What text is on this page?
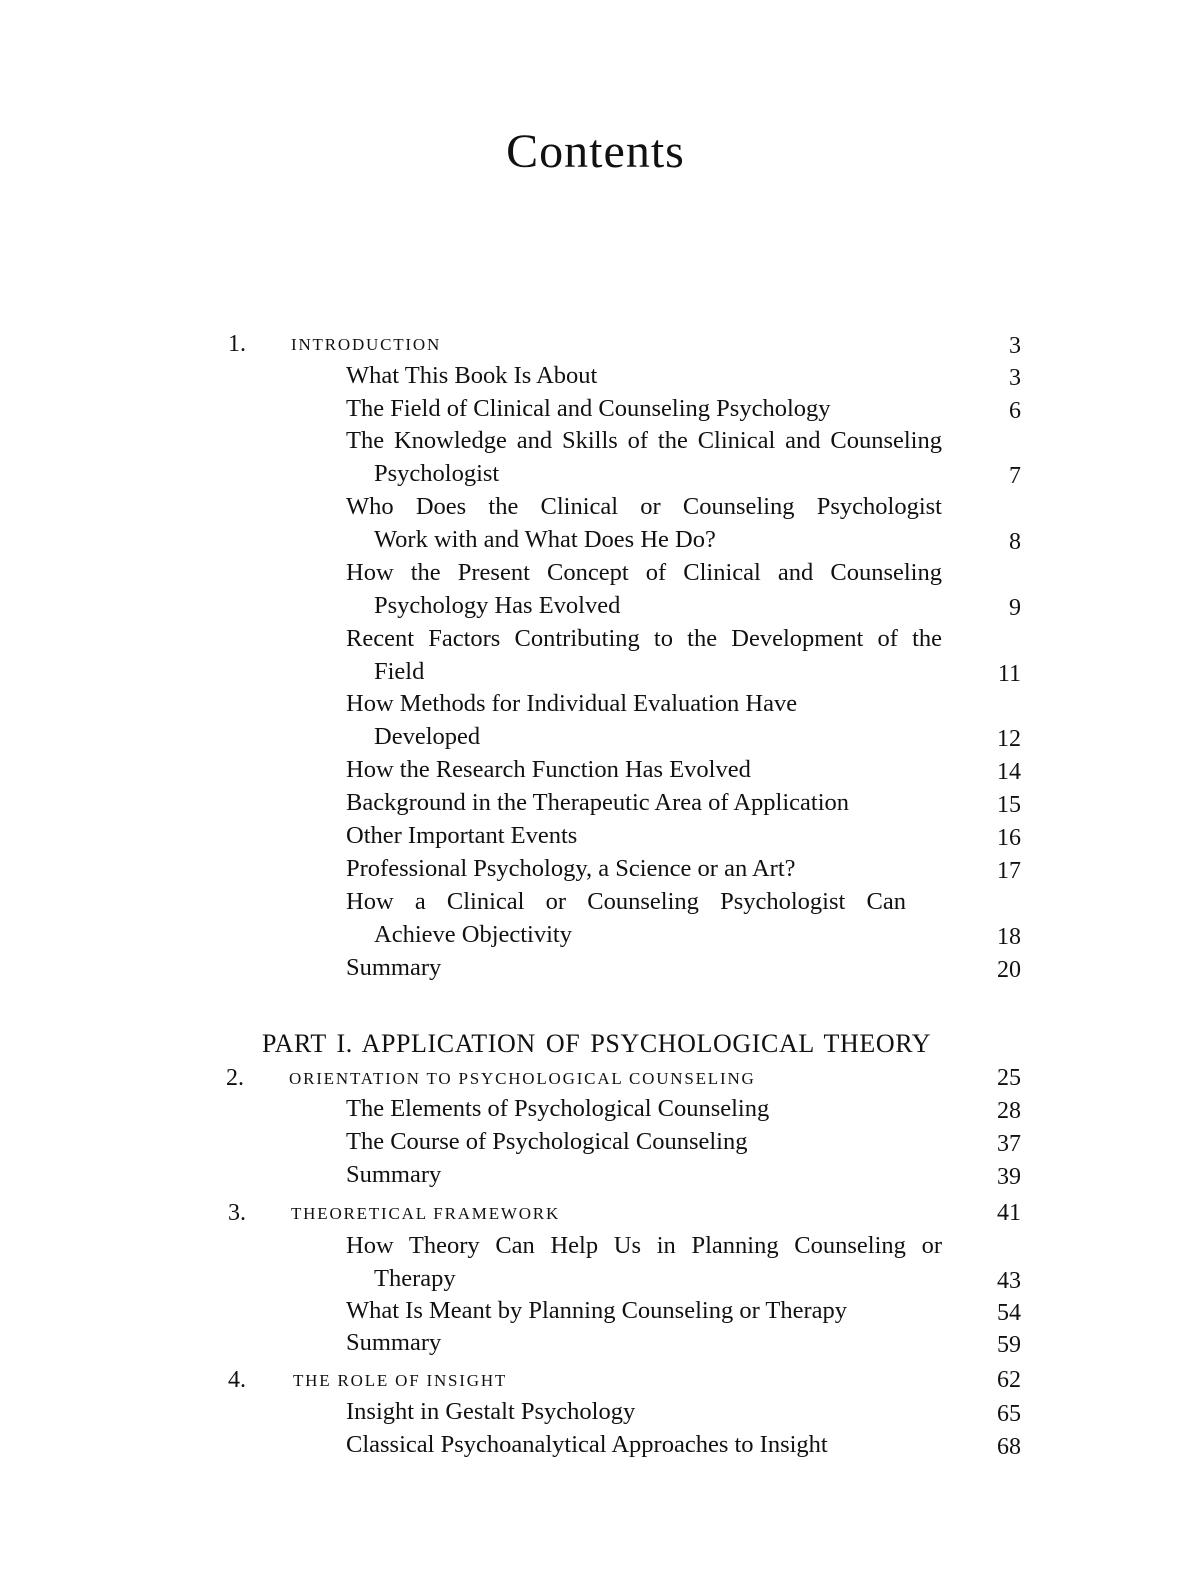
Contents
1.	INTRODUCTION	3
What This Book Is About	3
The Field of Clinical and Counseling Psychology	6
The Knowledge and Skills of the Clinical and Counseling
Psychologist	7
Who Does the Clinical or Counseling Psychologist
Work with and What Does He Do?	8
How the Present Concept of Clinical and Counseling
Psychology Has Evolved	9
Recent Factors Contributing to the Development of the
Field	11
How Methods for Individual Evaluation Have
Developed	12
How the Research Function Has Evolved	14
Background in the Therapeutic Area of Application	15
Other Important Events	16
Professional Psychology, a Science or an Art?	17
How a Clinical or Counseling Psychologist Can
Achieve Objectivity	18
Summary	20
PART I. APPLICATION OF PSYCHOLOGICAL THEORY
2.	ORIENTATION TO PSYCHOLOGICAL COUNSELING	25
The Elements of Psychological Counseling	28
The Course of Psychological Counseling	37
Summary	39
3.	THEORETICAL FRAMEWORK	41
How Theory Can Help Us in Planning Counseling or
Therapy	43
What Is Meant by Planning Counseling or Therapy	54
Summary	59
4.	THE ROLE OF INSIGHT	62
Insight in Gestalt Psychology	65
Classical Psychoanalytical Approaches to Insight	68
